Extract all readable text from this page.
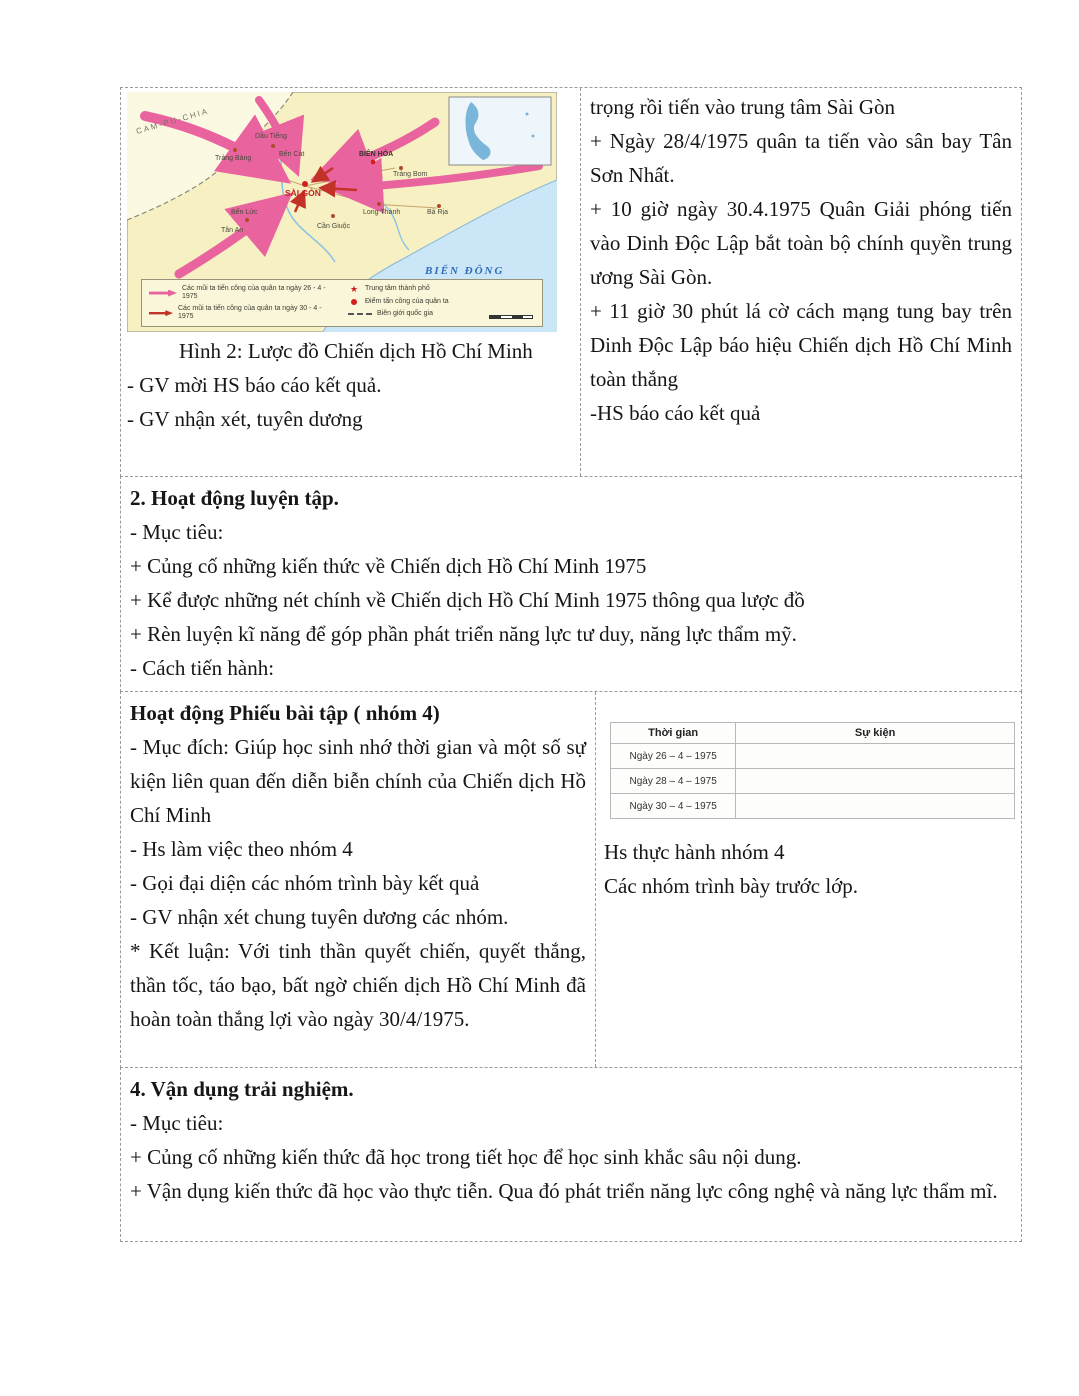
CAM-PU-CHIA
Trảng Bàng
Dầu Tiếng
Bến Cát	BIÊN HÒA
Trảng Bom
SÀI GÒN
Long Thành	Bà Rịa
Bến Lức
Cần Giuộc
Tân An
BIỂN ĐÔNG
Các mũi ta tiến công của quân ta ngày 26 - 4 - 1975
Các mũi ta tiến công của quân ta ngày 30 - 4 - 1975
★ Trung tâm thành phố
Điểm tấn công của quân ta
Biên giới quốc gia

Hình 2: Lược đồ Chiến dịch Hồ Chí Minh

- GV mời HS báo cáo kết quả.

- GV nhận xét, tuyên dương

trọng rồi tiến vào trung tâm Sài Gòn

+ Ngày 28/4/1975 quân ta tiến vào sân bay Tân Sơn Nhất.

+ 10 giờ ngày 30.4.1975 Quân Giải phóng tiến vào Dinh Độc Lập bắt toàn bộ chính quyền trung ương Sài Gòn.

+ 11 giờ 30 phút lá cờ cách mạng tung bay trên Dinh Độc Lập báo hiệu Chiến dịch Hồ Chí Minh toàn thắng

-HS báo cáo kết quả

2. Hoạt động luyện tập.

- Mục tiêu:

+ Củng cố những kiến thức về Chiến dịch Hồ Chí Minh 1975

+ Kể được những nét chính về Chiến dịch Hồ Chí Minh 1975 thông qua lược đồ

+ Rèn luyện kĩ năng để góp phần phát triển năng lực tư duy, năng lực thẩm mỹ.

- Cách tiến hành:

Hoạt động Phiếu bài tập ( nhóm 4)

- Mục đích: Giúp học sinh nhớ thời gian và một số sự kiện liên quan đến diễn biễn chính của Chiến dịch Hồ Chí Minh

- Hs làm việc theo nhóm 4

- Gọi đại diện các nhóm trình bày kết quả

- GV nhận xét chung tuyên dương các nhóm.

* Kết luận: Với tinh thần quyết chiến, quyết thắng, thần tốc, táo bạo, bất ngờ chiến dịch Hồ Chí Minh đã hoàn toàn thắng lợi vào ngày 30/4/1975.

Thời gian	Sự kiện
Ngày 26 – 4 – 1975	
Ngày 28 – 4 – 1975	
Ngày 30 – 4 – 1975	

Hs thực hành nhóm 4

Các nhóm trình bày trước lớp.

4. Vận dụng trải nghiệm.

- Mục tiêu:

+ Củng cố những kiến thức đã học trong tiết học để học sinh khắc sâu nội dung.

+ Vận dụng kiến thức đã học vào thực tiễn. Qua đó phát triển năng lực công nghệ và năng lực thẩm mĩ.
